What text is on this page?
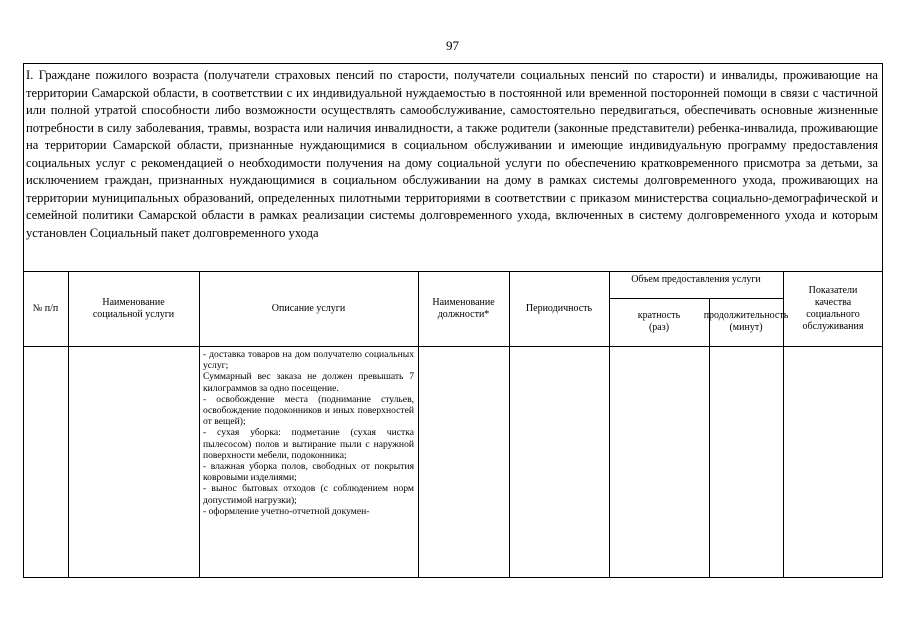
97
I. Граждане пожилого возраста (получатели страховых пенсий по старости, получатели социальных пенсий по старости) и инвалиды, проживающие на территории Самарской области, в соответствии с их индивидуальной нуждаемостью в постоянной или временной посторонней помощи в связи с частичной или полной утратой способности либо возможности осуществлять самообслуживание, самостоятельно передвигаться, обеспечивать основные жизненные потребности в силу заболевания, травмы, возраста или наличия инвалидности, а также родители (законные представители) ребенка-инвалида, проживающие на территории Самарской области, признанные нуждающимися в социальном обслуживании и имеющие индивидуальную программу предоставления социальных услуг с рекомендацией о необходимости получения на дому социальной услуги по обеспечению кратковременного присмотра за детьми, за исключением граждан, признанных нуждающимися в социальном обслуживании на дому в рамках системы долговременного ухода, проживающих на территории муниципальных образований, определенных пилотными территориями в соответствии с приказом министерства социально-демографической и семейной политики Самарской области в рамках реализации системы долговременного ухода, включенных в систему долговременного ухода и которым установлен Социальный пакет долговременного ухода
№ п/п
Наименование социальной услуги
Описание услуги
Наименование должности*
Периодичность
Объем предоставления услуги
кратность (раз)
продолжительность (минут)
Показатели качества социального обслуживания

- доставка товаров на дом получателю социальных услуг;

Суммарный вес заказа не должен превышать 7 килограммов за одно посещение.

- освобождение места (поднимание стульев, освобождение подоконников и иных поверхностей от вещей);

- сухая уборка: подметание (сухая чистка пылесосом) полов и вытирание пыли с наружной поверхности мебели, подоконника;

- влажная уборка полов, свободных от покрытия ковровыми изделиями;

- вынос бытовых отходов (с соблюдением норм допустимой нагрузки);

- оформление учетно-отчетной докумен-
